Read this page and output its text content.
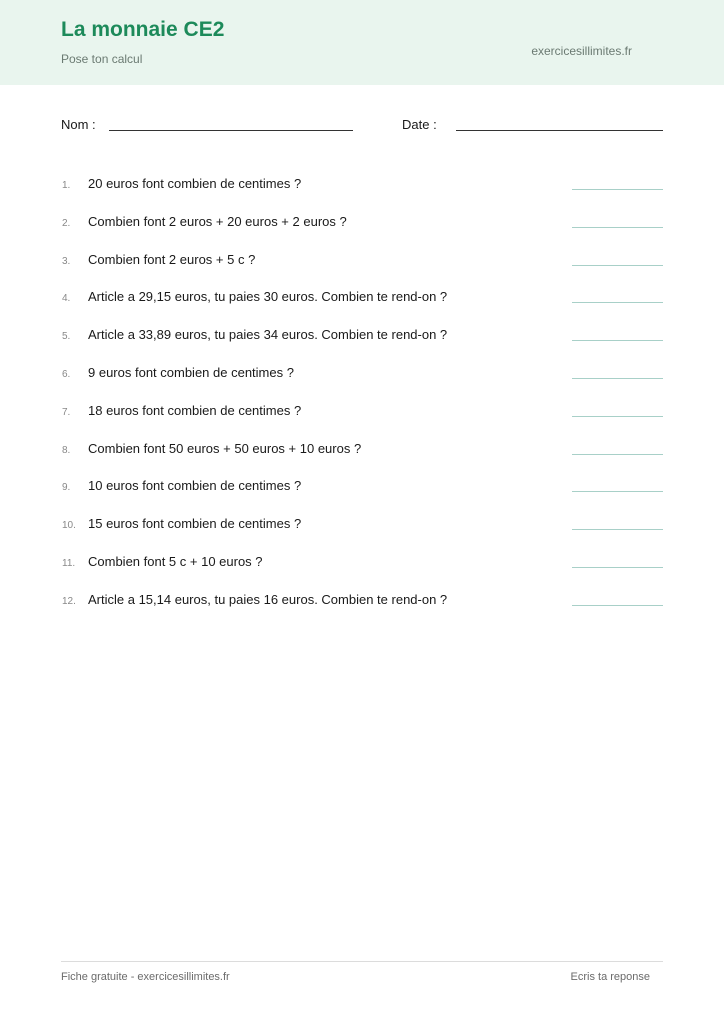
La monnaie CE2
Pose ton calcul
exercicesillimites.fr
Nom :	Date :
1. 20 euros font combien de centimes ?
2. Combien font 2 euros + 20 euros + 2 euros ?
3. Combien font 2 euros + 5 c ?
4. Article a 29,15 euros, tu paies 30 euros. Combien te rend-on ?
5. Article a 33,89 euros, tu paies 34 euros. Combien te rend-on ?
6. 9 euros font combien de centimes ?
7. 18 euros font combien de centimes ?
8. Combien font 50 euros + 50 euros + 10 euros ?
9. 10 euros font combien de centimes ?
10. 15 euros font combien de centimes ?
11. Combien font 5 c + 10 euros ?
12. Article a 15,14 euros, tu paies 16 euros. Combien te rend-on ?
Fiche gratuite - exercicesillimites.fr	Ecris ta reponse
